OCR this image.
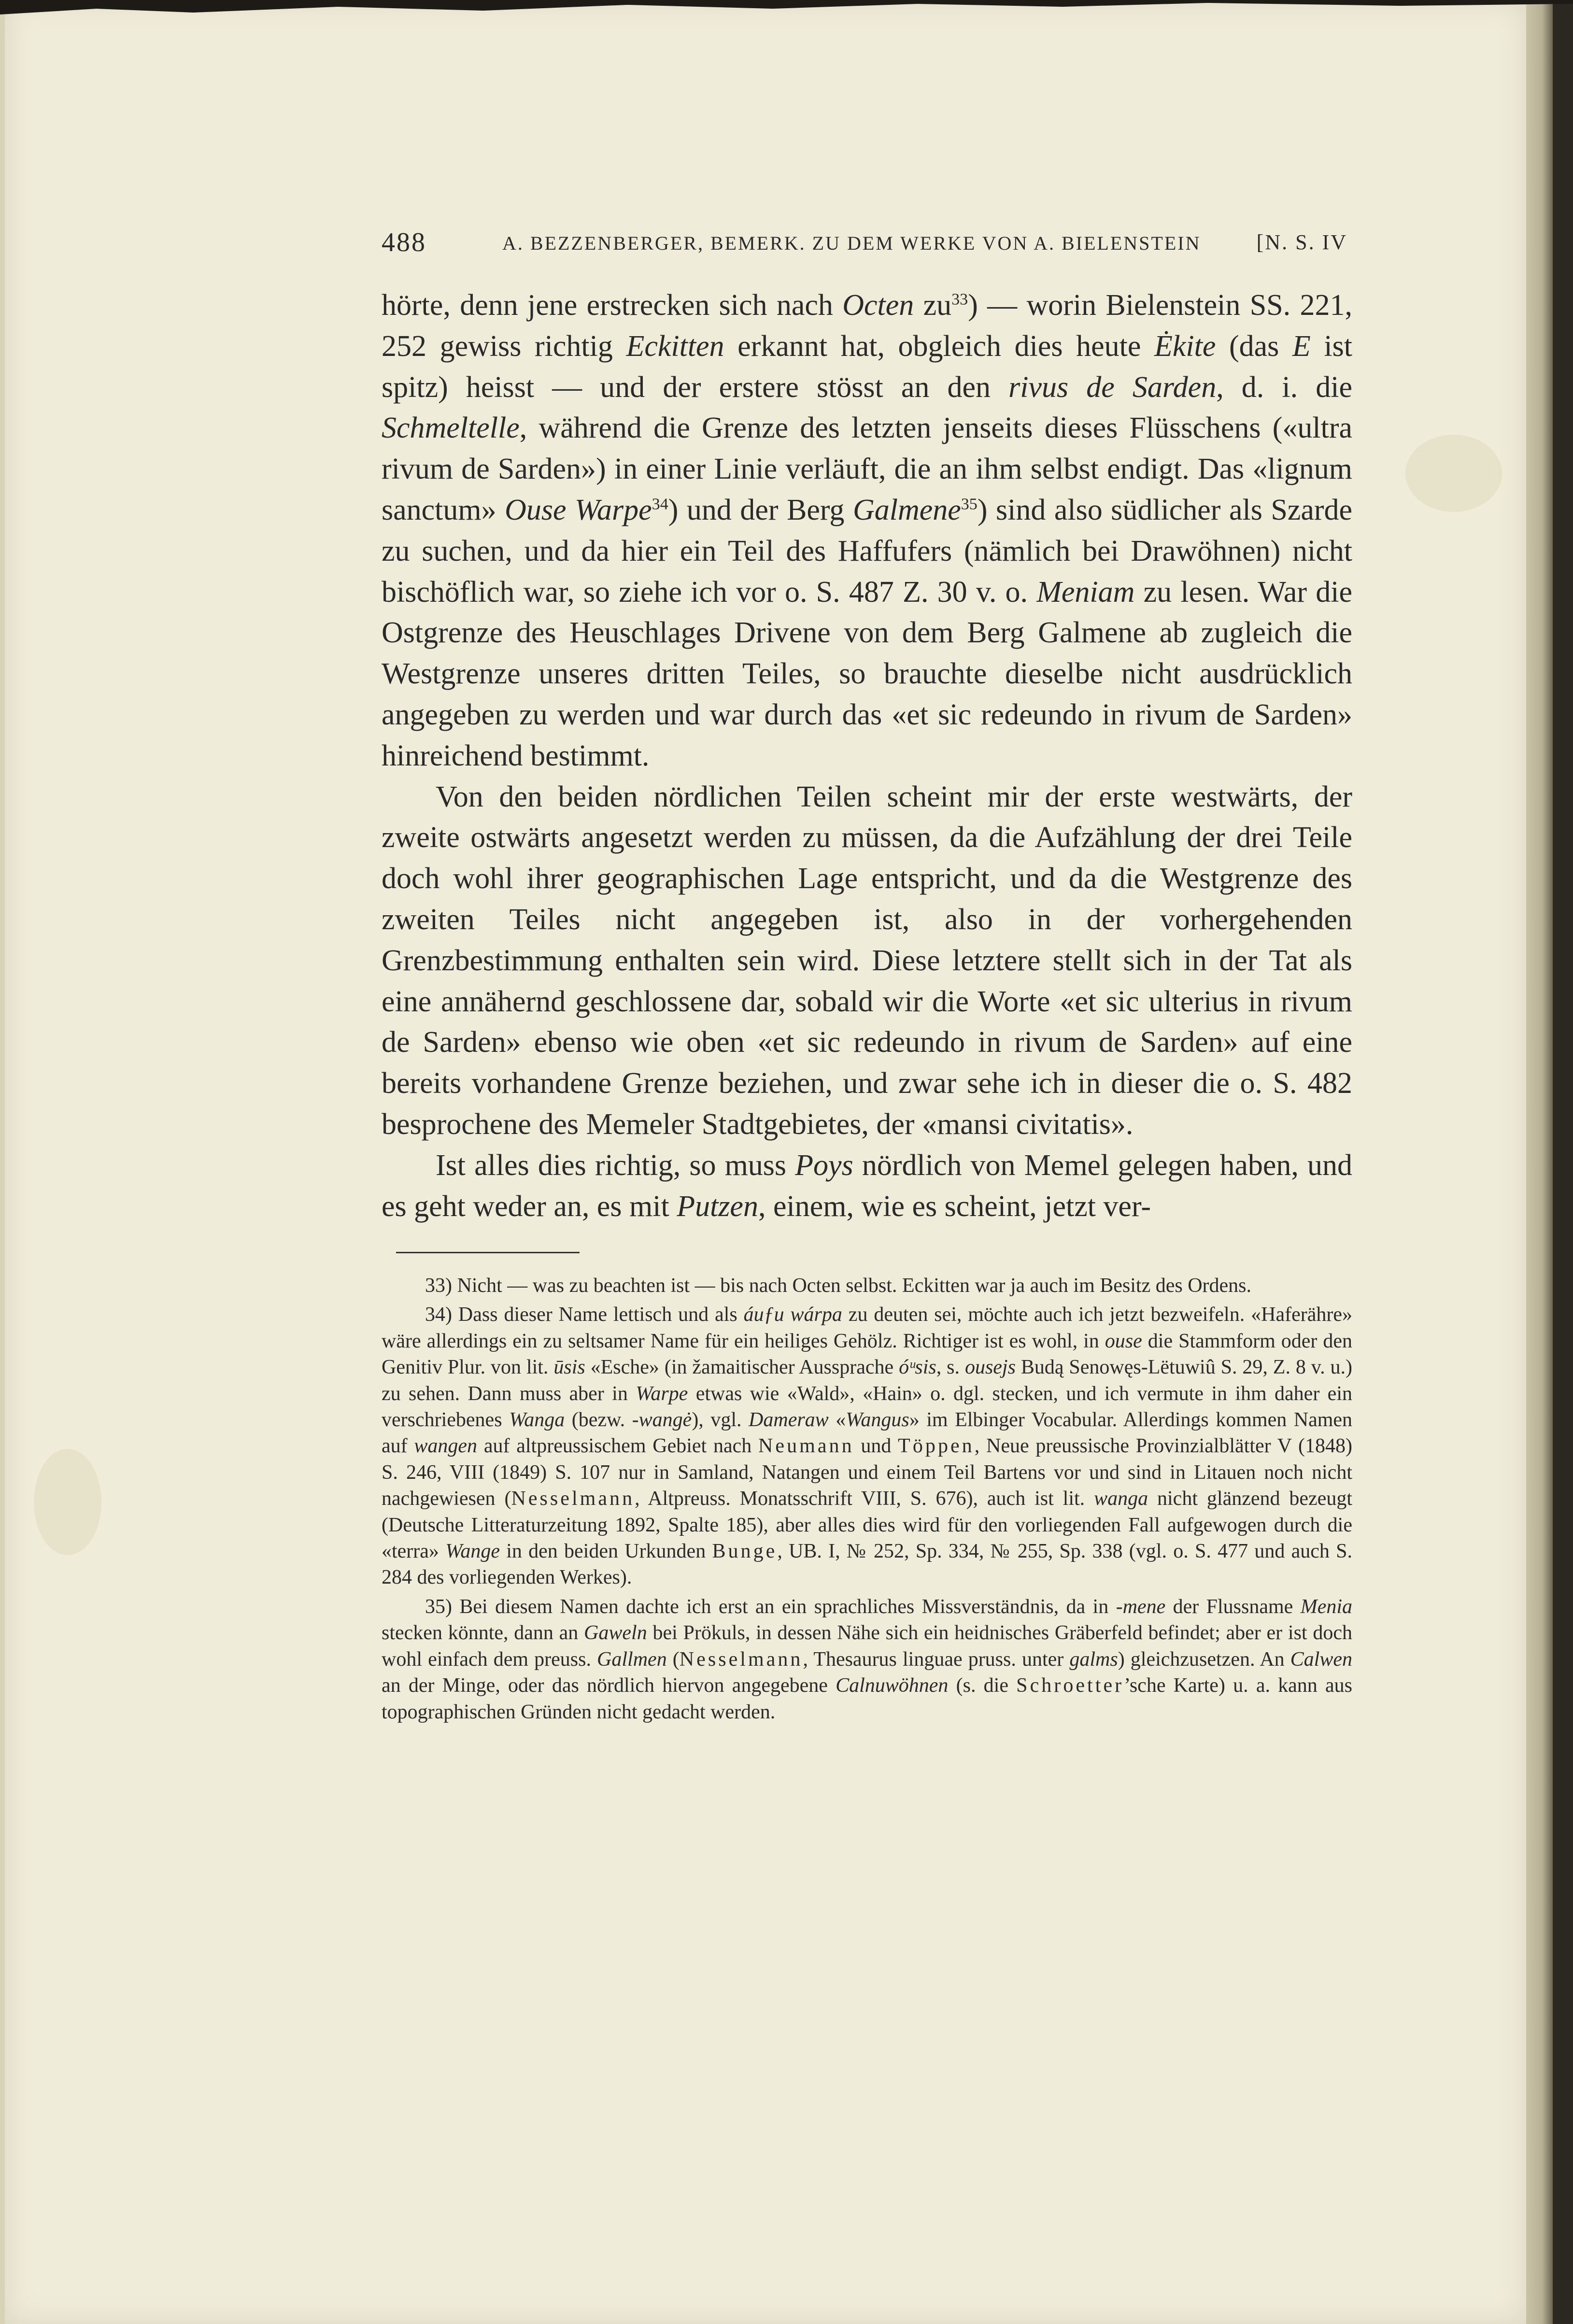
488	A. BEZZENBERGER, BEMERK. ZU DEM WERKE VON A. BIELENSTEIN	[N. S. IV

hörte, denn jene erstrecken sich nach Octen $zu^{33}$) — worin Bielenstein SS. 221, 252 gewiss richtig Eckitten erkannt hat, obgleich dies heute Ėkite (das E ist spitz) heisst — und der erstere stösst an den rivus de Sarden, d. i. die Schmeltelle, während die Grenze des letzten jenseits dieses Flüsschens («ultra rivum de Sarden») in einer Linie verläuft, die an ihm selbst endigt. Das «lignum sanctum» Ouse Warpe$^{34}$) und der Berg Galmene$^{35}$) sind also südlicher als Szarde zu suchen, und da hier ein Teil des Haffufers (nämlich bei Drawöhnen) nicht bischöflich war, so ziehe ich vor o. S. 487 Z. 30 v. o. Meniam zu lesen. War die Ostgrenze des Heuschlages Drivene von dem Berg Galmene ab zugleich die Westgrenze unseres dritten Teiles, so brauchte dieselbe nicht ausdrücklich angegeben zu werden und war durch das «et sic redeundo in rivum de Sarden» hinreichend bestimmt.

Von den beiden nördlichen Teilen scheint mir der erste westwärts, der zweite ostwärts angesetzt werden zu müssen, da die Aufzählung der drei Teile doch wohl ihrer geographischen Lage entspricht, und da die Westgrenze des zweiten Teiles nicht angegeben ist, also in der vorhergehenden Grenzbestimmung enthalten sein wird. Diese letztere stellt sich in der Tat als eine annähernd geschlossene dar, sobald wir die Worte «et sic ulterius in rivum de Sarden» ebenso wie oben «et sic redeundo in rivum de Sarden» auf eine bereits vorhandene Grenze beziehen, und zwar sehe ich in dieser die o. S. 482 besprochene des Memeler Stadtgebietes, der «mansi civitatis».

Ist alles dies richtig, so muss Poys nördlich von Memel gelegen haben, und es geht weder an, es mit Putzen, einem, wie es scheint, jetzt ver-

33) Nicht — was zu beachten ist — bis nach Octen selbst. Eckitten war ja auch im Besitz des Ordens.

34) Dass dieser Name lettisch und als áuƒu wárpa zu deuten sei, möchte auch ich jetzt bezweifeln. «Haferähre» wäre allerdings ein zu seltsamer Name für ein heiliges Gehölz. Richtiger ist es wohl, in ouse die Stammform oder den Genitiv Plur. von lit. ūsis «Esche» (in žamaitischer Aussprache óᵘsis, s. ousejs Budą Senowęs-Lëtuwiû S. 29, Z. 8 v. u.) zu sehen. Dann muss aber in Warpe etwas wie «Wald», «Hain» o. dgl. stecken, und ich vermute in ihm daher ein verschriebenes Wanga (bezw. -wangė), vgl. Dameraw «Wangus» im Elbinger Vocabular. Allerdings kommen Namen auf wangen auf altpreussischem Gebiet nach Neumann und Töppen, Neue preussische Provinzialblätter V (1848) S. 246, VIII (1849) S. 107 nur in Samland, Natangen und einem Teil Bartens vor und sind in Litauen noch nicht nachgewiesen (Nesselmann, Altpreuss. Monatsschrift VIII, S. 676), auch ist lit. wanga nicht glänzend bezeugt (Deutsche Litteraturzeitung 1892, Spalte 185), aber alles dies wird für den vorliegenden Fall aufgewogen durch die «terra» Wange in den beiden Urkunden Bunge, UB. I, № 252, Sp. 334, № 255, Sp. 338 (vgl. o. S. 477 und auch S. 284 des vorliegenden Werkes).

35) Bei diesem Namen dachte ich erst an ein sprachliches Missverständnis, da in -mene der Flussname Menia stecken könnte, dann an Gaweln bei Prökuls, in dessen Nähe sich ein heidnisches Gräberfeld befindet; aber er ist doch wohl einfach dem preuss. Gallmen (Nesselmann, Thesaurus linguae pruss. unter galms) gleichzusetzen. An Calwen an der Minge, oder das nördlich hiervon angegebene Calnuwöhnen (s. die Schroetter’sche Karte) u. a. kann aus topographischen Gründen nicht gedacht werden.
